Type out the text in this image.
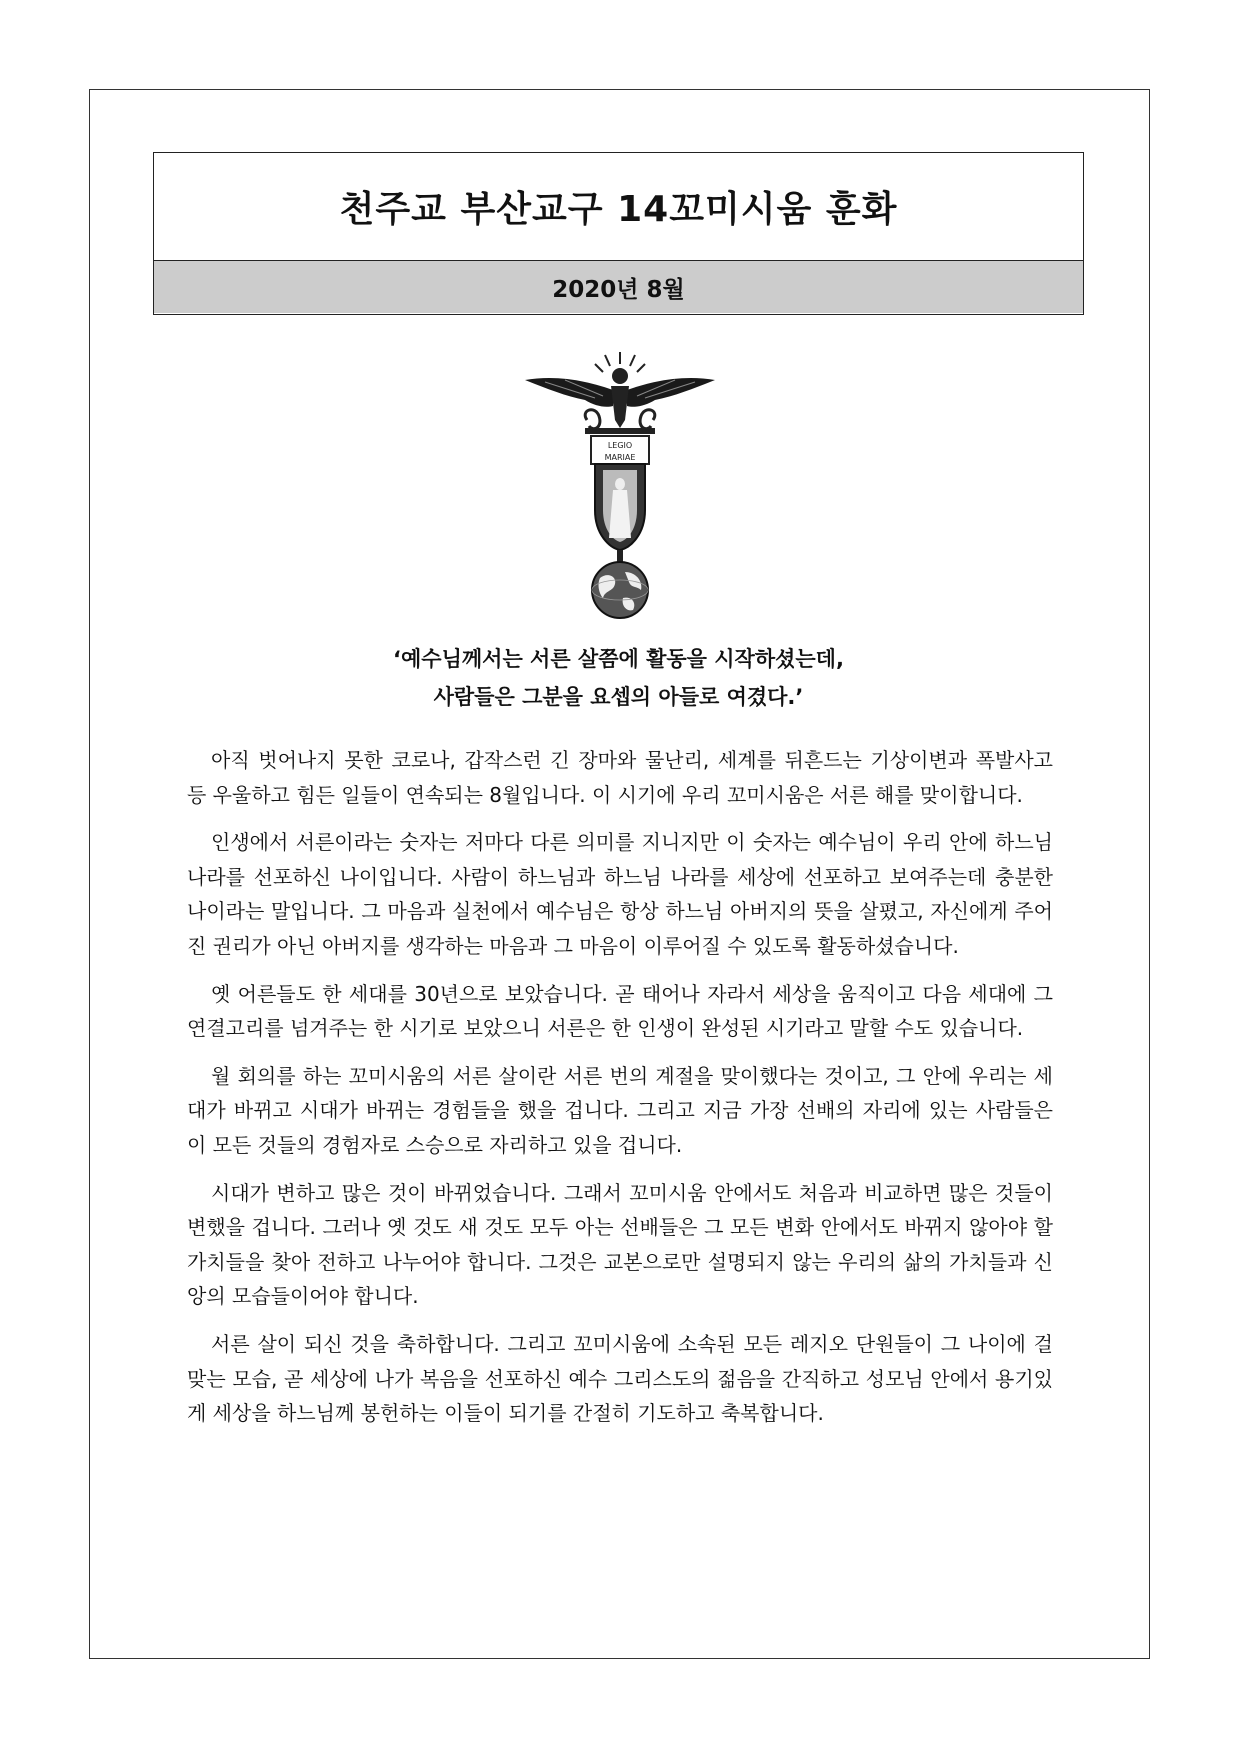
천주교 부산교구 14꼬미시움 훈화
2020년 8월
LEGIO
MARIAE
‘예수님께서는 서른 살쯤에 활동을 시작하셨는데,
사람들은 그분을 요셉의 아들로 여겼다.’

아직 벗어나지 못한 코로나, 갑작스런 긴 장마와 물난리, 세계를 뒤흔드는 기상이변과 폭발사고 등 우울하고 힘든 일들이 연속되는 8월입니다. 이 시기에 우리 꼬미시움은 서른 해를 맞이합니다.

인생에서 서른이라는 숫자는 저마다 다른 의미를 지니지만 이 숫자는 예수님이 우리 안에 하느님 나라를 선포하신 나이입니다. 사람이 하느님과 하느님 나라를 세상에 선포하고 보여주는데 충분한 나이라는 말입니다. 그 마음과 실천에서 예수님은 항상 하느님 아버지의 뜻을 살폈고, 자신에게 주어진 권리가 아닌 아버지를 생각하는 마음과 그 마음이 이루어질 수 있도록 활동하셨습니다.

옛 어른들도 한 세대를 30년으로 보았습니다. 곧 태어나 자라서 세상을 움직이고 다음 세대에 그 연결고리를 넘겨주는 한 시기로 보았으니 서른은 한 인생이 완성된 시기라고 말할 수도 있습니다.

월 회의를 하는 꼬미시움의 서른 살이란 서른 번의 계절을 맞이했다는 것이고, 그 안에 우리는 세대가 바뀌고 시대가 바뀌는 경험들을 했을 겁니다. 그리고 지금 가장 선배의 자리에 있는 사람들은 이 모든 것들의 경험자로 스승으로 자리하고 있을 겁니다.

시대가 변하고 많은 것이 바뀌었습니다. 그래서 꼬미시움 안에서도 처음과 비교하면 많은 것들이 변했을 겁니다. 그러나 옛 것도 새 것도 모두 아는 선배들은 그 모든 변화 안에서도 바뀌지 않아야 할 가치들을 찾아 전하고 나누어야 합니다. 그것은 교본으로만 설명되지 않는 우리의 삶의 가치들과 신앙의 모습들이어야 합니다.

서른 살이 되신 것을 축하합니다. 그리고 꼬미시움에 소속된 모든 레지오 단원들이 그 나이에 걸맞는 모습, 곧 세상에 나가 복음을 선포하신 예수 그리스도의 젊음을 간직하고 성모님 안에서 용기있게 세상을 하느님께 봉헌하는 이들이 되기를 간절히 기도하고 축복합니다.
